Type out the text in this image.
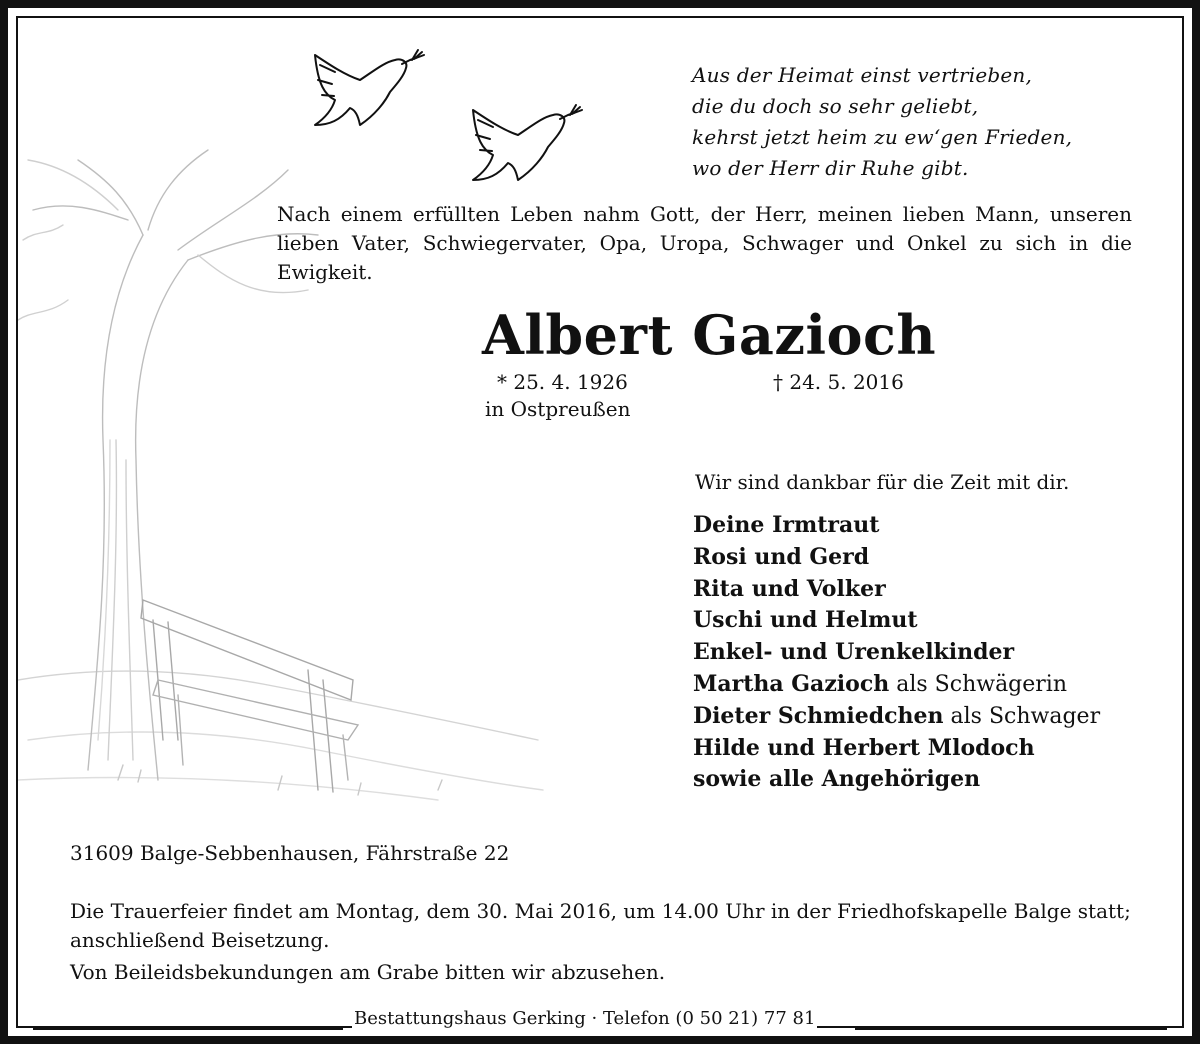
Aus der Heimat einst vertrieben,
die du doch so sehr geliebt,
kehrst jetzt heim zu ew‘gen Frieden,
wo der Herr dir Ruhe gibt.
Nach einem erfüllten Leben nahm Gott, der Herr, meinen lieben Mann, unseren lieben Vater, Schwiegervater, Opa, Uropa, Schwager und Onkel zu sich in die Ewigkeit.
Albert Gazioch
* 25. 4. 1926
in Ostpreußen
† 24. 5. 2016
Wir sind dankbar für die Zeit mit dir.
Deine Irmtraut
Rosi und Gerd
Rita und Volker
Uschi und Helmut
Enkel- und Urenkelkinder
Martha Gazioch als Schwägerin
Dieter Schmiedchen als Schwager
Hilde und Herbert Mlodoch
sowie alle Angehörigen
31609 Balge-Sebbenhausen, Fährstraße 22
Die Trauerfeier findet am Montag, dem 30. Mai 2016, um 14.00 Uhr in der Friedhofskapelle Balge statt; anschließend Beisetzung.
Von Beileidsbekundungen am Grabe bitten wir abzusehen.
Bestattungshaus Gerking · Telefon (0 50 21) 77 81
